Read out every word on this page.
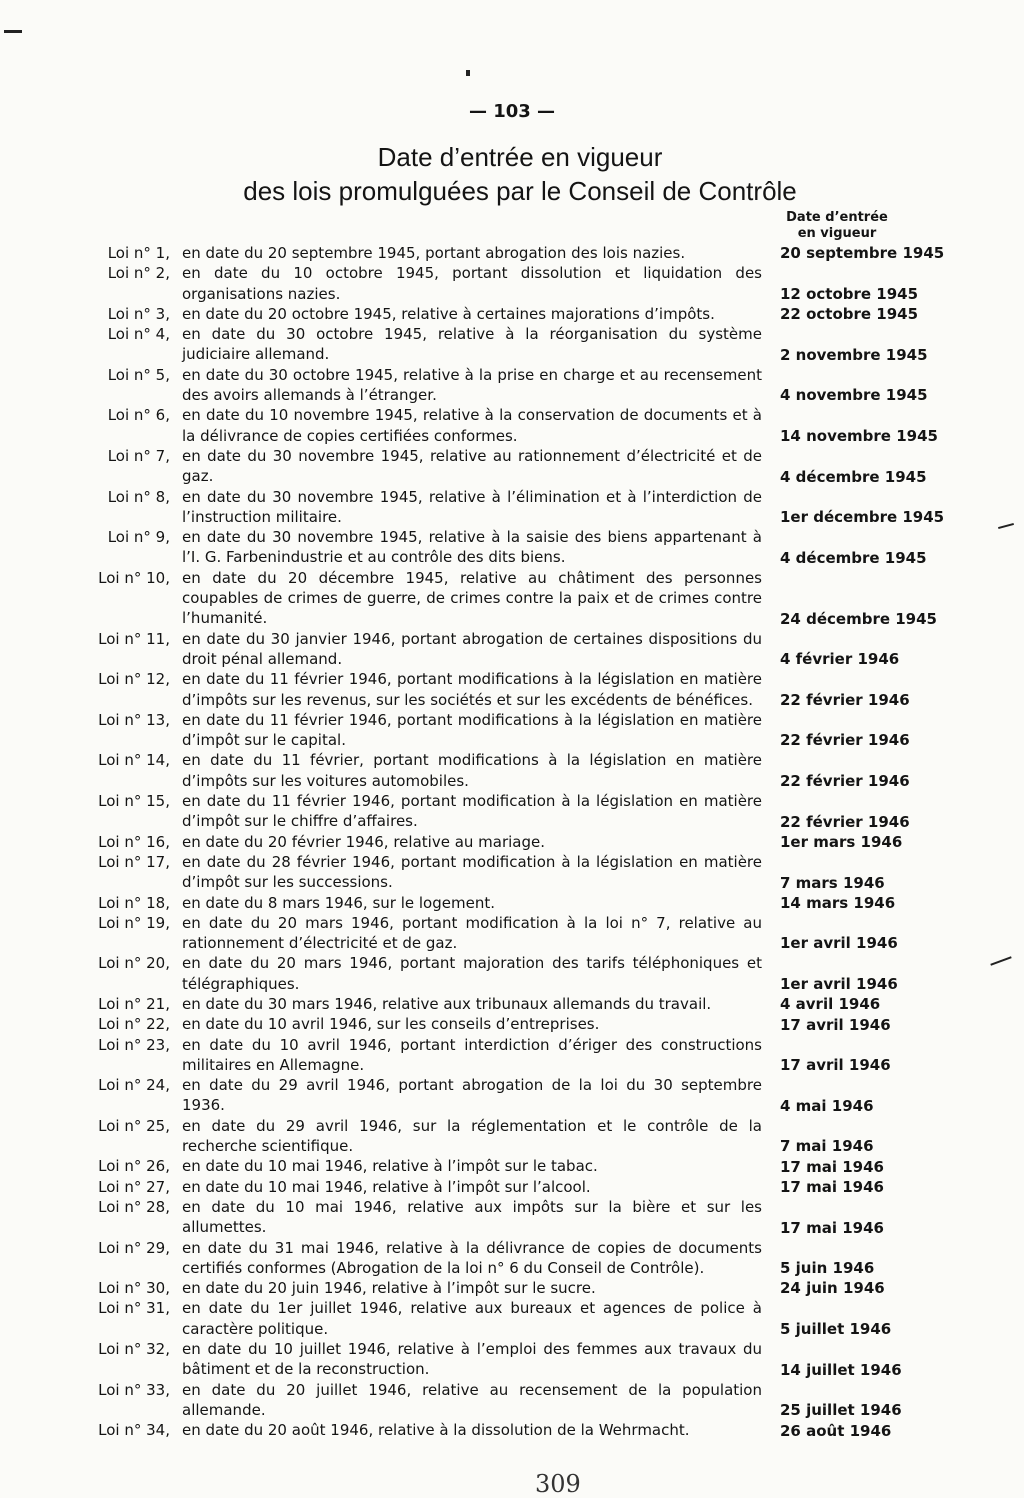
— 103 —
Date d’entrée en vigueur
des lois promulguées par le Conseil de Contrôle
Date d’entrée
en vigueur
Loi n° 1, en date du 20 septembre 1945, portant abrogation des lois nazies.	20 septembre 1945
Loi n° 2, en date du 10 octobre 1945, portant dissolution et liquidation des organisations nazies.	12 octobre 1945
Loi n° 3, en date du 20 octobre 1945, relative à certaines majorations d’impôts.	22 octobre 1945
Loi n° 4, en date du 30 octobre 1945, relative à la réorganisation du système judiciaire allemand.	2 novembre 1945
Loi n° 5, en date du 30 octobre 1945, relative à la prise en charge et au recensement des avoirs allemands à l’étranger.	4 novembre 1945
Loi n° 6, en date du 10 novembre 1945, relative à la conservation de documents et à la délivrance de copies certifiées conformes.	14 novembre 1945
Loi n° 7, en date du 30 novembre 1945, relative au rationnement d’électricité et de gaz.	4 décembre 1945
Loi n° 8, en date du 30 novembre 1945, relative à l’élimination et à l’interdiction de l’instruction militaire.	1er décembre 1945
Loi n° 9, en date du 30 novembre 1945, relative à la saisie des biens appartenant à l’I. G. Farbenindustrie et au contrôle des dits biens.	4 décembre 1945
Loi n° 10, en date du 20 décembre 1945, relative au châtiment des personnes coupables de crimes de guerre, de crimes contre la paix et de crimes contre l’humanité.	24 décembre 1945
Loi n° 11, en date du 30 janvier 1946, portant abrogation de certaines dispositions du droit pénal allemand.	4 février 1946
Loi n° 12, en date du 11 février 1946, portant modifications à la législation en matière d’impôts sur les revenus, sur les sociétés et sur les excédents de bénéfices.	22 février 1946
Loi n° 13, en date du 11 février 1946, portant modifications à la législation en matière d’impôt sur le capital.	22 février 1946
Loi n° 14, en date du 11 février, portant modifications à la législation en matière d’impôts sur les voitures automobiles.	22 février 1946
Loi n° 15, en date du 11 février 1946, portant modification à la législation en matière d’impôt sur le chiffre d’affaires.	22 février 1946
Loi n° 16, en date du 20 février 1946, relative au mariage.	1er mars 1946
Loi n° 17, en date du 28 février 1946, portant modification à la législation en matière d’impôt sur les successions.	7 mars 1946
Loi n° 18, en date du 8 mars 1946, sur le logement.	14 mars 1946
Loi n° 19, en date du 20 mars 1946, portant modification à la loi n° 7, relative au rationnement d’électricité et de gaz.	1er avril 1946
Loi n° 20, en date du 20 mars 1946, portant majoration des tarifs téléphoniques et télégraphiques.	1er avril 1946
Loi n° 21, en date du 30 mars 1946, relative aux tribunaux allemands du travail.	4 avril 1946
Loi n° 22, en date du 10 avril 1946, sur les conseils d’entreprises.	17 avril 1946
Loi n° 23, en date du 10 avril 1946, portant interdiction d’ériger des constructions militaires en Allemagne.	17 avril 1946
Loi n° 24, en date du 29 avril 1946, portant abrogation de la loi du 30 septembre 1936.	4 mai 1946
Loi n° 25, en date du 29 avril 1946, sur la réglementation et le contrôle de la recherche scientifique.	7 mai 1946
Loi n° 26, en date du 10 mai 1946, relative à l’impôt sur le tabac.	17 mai 1946
Loi n° 27, en date du 10 mai 1946, relative à l’impôt sur l’alcool.	17 mai 1946
Loi n° 28, en date du 10 mai 1946, relative aux impôts sur la bière et sur les allumettes.	17 mai 1946
Loi n° 29, en date du 31 mai 1946, relative à la délivrance de copies de documents certifiés conformes (Abrogation de la loi n° 6 du Conseil de Contrôle).	5 juin 1946
Loi n° 30, en date du 20 juin 1946, relative à l’impôt sur le sucre.	24 juin 1946
Loi n° 31, en date du 1er juillet 1946, relative aux bureaux et agences de police à caractère politique.	5 juillet 1946
Loi n° 32, en date du 10 juillet 1946, relative à l’emploi des femmes aux travaux du bâtiment et de la reconstruction.	14 juillet 1946
Loi n° 33, en date du 20 juillet 1946, relative au recensement de la population allemande.	25 juillet 1946
Loi n° 34, en date du 20 août 1946, relative à la dissolution de la Wehrmacht.	26 août 1946
309
